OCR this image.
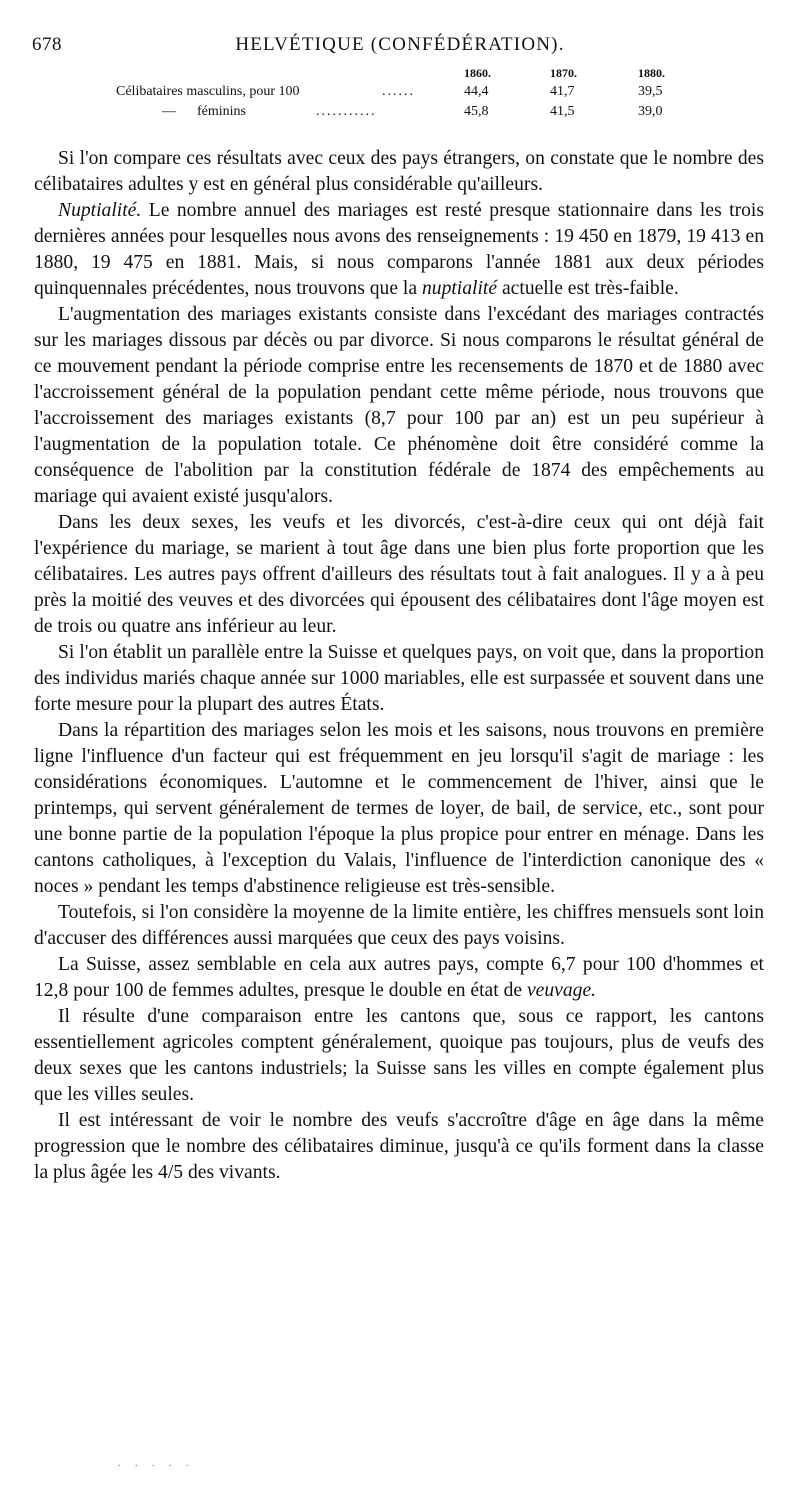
678	HELVÉTIQUE (CONFÉDÉRATION).
1860.	1870.	1880.
Célibataires masculins, pour 100	......	44,4	41,7	39,5
—      féminins	...........	45,8	41,5	39,0

Si l'on compare ces résultats avec ceux des pays étrangers, on constate que le nombre des célibataires adultes y est en général plus considérable qu'ailleurs.

Nuptialité. Le nombre annuel des mariages est resté presque stationnaire dans les trois dernières années pour lesquelles nous avons des renseignements : 19 450 en 1879, 19 413 en 1880, 19 475 en 1881. Mais, si nous comparons l'année 1881 aux deux périodes quinquennales précédentes, nous trouvons que la nuptialité actuelle est très-faible.

L'augmentation des mariages existants consiste dans l'excédant des mariages contractés sur les mariages dissous par décès ou par divorce. Si nous comparons le résultat général de ce mouvement pendant la période comprise entre les recensements de 1870 et de 1880 avec l'accroissement général de la population pendant cette même période, nous trouvons que l'accroissement des mariages existants (8,7 pour 100 par an) est un peu supérieur à l'augmentation de la population totale. Ce phénomène doit être considéré comme la conséquence de l'abolition par la constitution fédérale de 1874 des empêchements au mariage qui avaient existé jusqu'alors.

Dans les deux sexes, les veufs et les divorcés, c'est-à-dire ceux qui ont déjà fait l'expérience du mariage, se marient à tout âge dans une bien plus forte proportion que les célibataires. Les autres pays offrent d'ailleurs des résultats tout à fait analogues. Il y a à peu près la moitié des veuves et des divorcées qui épousent des célibataires dont l'âge moyen est de trois ou quatre ans inférieur au leur.

Si l'on établit un parallèle entre la Suisse et quelques pays, on voit que, dans la proportion des individus mariés chaque année sur 1000 mariables, elle est surpassée et souvent dans une forte mesure pour la plupart des autres États.

Dans la répartition des mariages selon les mois et les saisons, nous trouvons en première ligne l'influence d'un facteur qui est fréquemment en jeu lorsqu'il s'agit de mariage : les considérations économiques. L'automne et le commencement de l'hiver, ainsi que le printemps, qui servent généralement de termes de loyer, de bail, de service, etc., sont pour une bonne partie de la population l'époque la plus propice pour entrer en ménage. Dans les cantons catholiques, à l'exception du Valais, l'influence de l'interdiction canonique des « noces » pendant les temps d'abstinence religieuse est très-sensible.

Toutefois, si l'on considère la moyenne de la limite entière, les chiffres mensuels sont loin d'accuser des différences aussi marquées que ceux des pays voisins.

La Suisse, assez semblable en cela aux autres pays, compte 6,7 pour 100 d'hommes et 12,8 pour 100 de femmes adultes, presque le double en état de veuvage.

Il résulte d'une comparaison entre les cantons que, sous ce rapport, les cantons essentiellement agricoles comptent généralement, quoique pas toujours, plus de veufs des deux sexes que les cantons industriels; la Suisse sans les villes en compte également plus que les villes seules.

Il est intéressant de voir le nombre des veufs s'accroître d'âge en âge dans la même progression que le nombre des célibataires diminue, jusqu'à ce qu'ils forment dans la classe la plus âgée les 4/5 des vivants.

. . . . .
